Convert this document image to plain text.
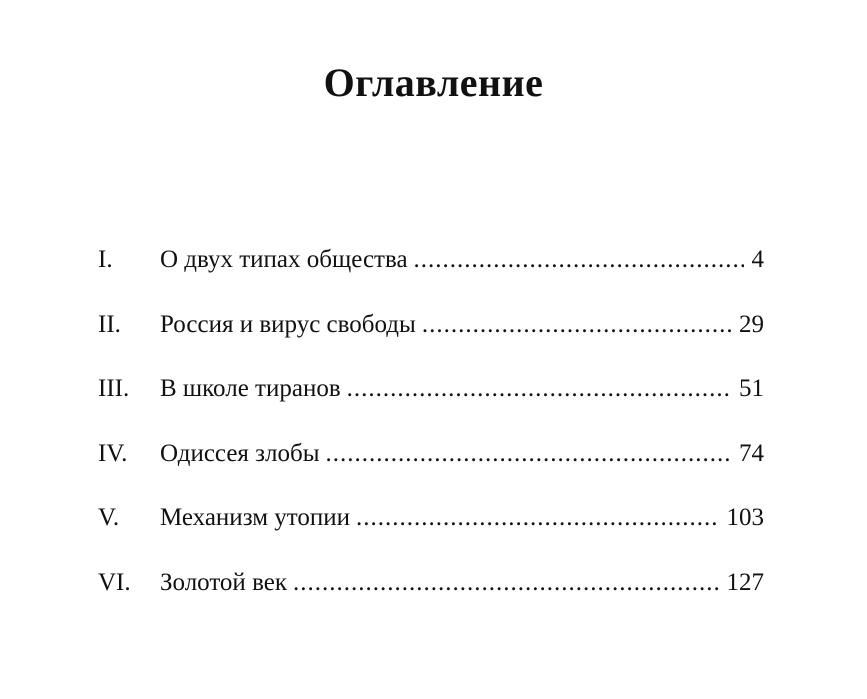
Оглавление
I.	О двух типах общества .....	4
II.	Россия и вирус свободы .....	29
III.	В школе тиранов .....	51
IV.	Одиссея злобы .....	74
V.	Механизм утопии .....	103
VI.	Золотой век .....	127
